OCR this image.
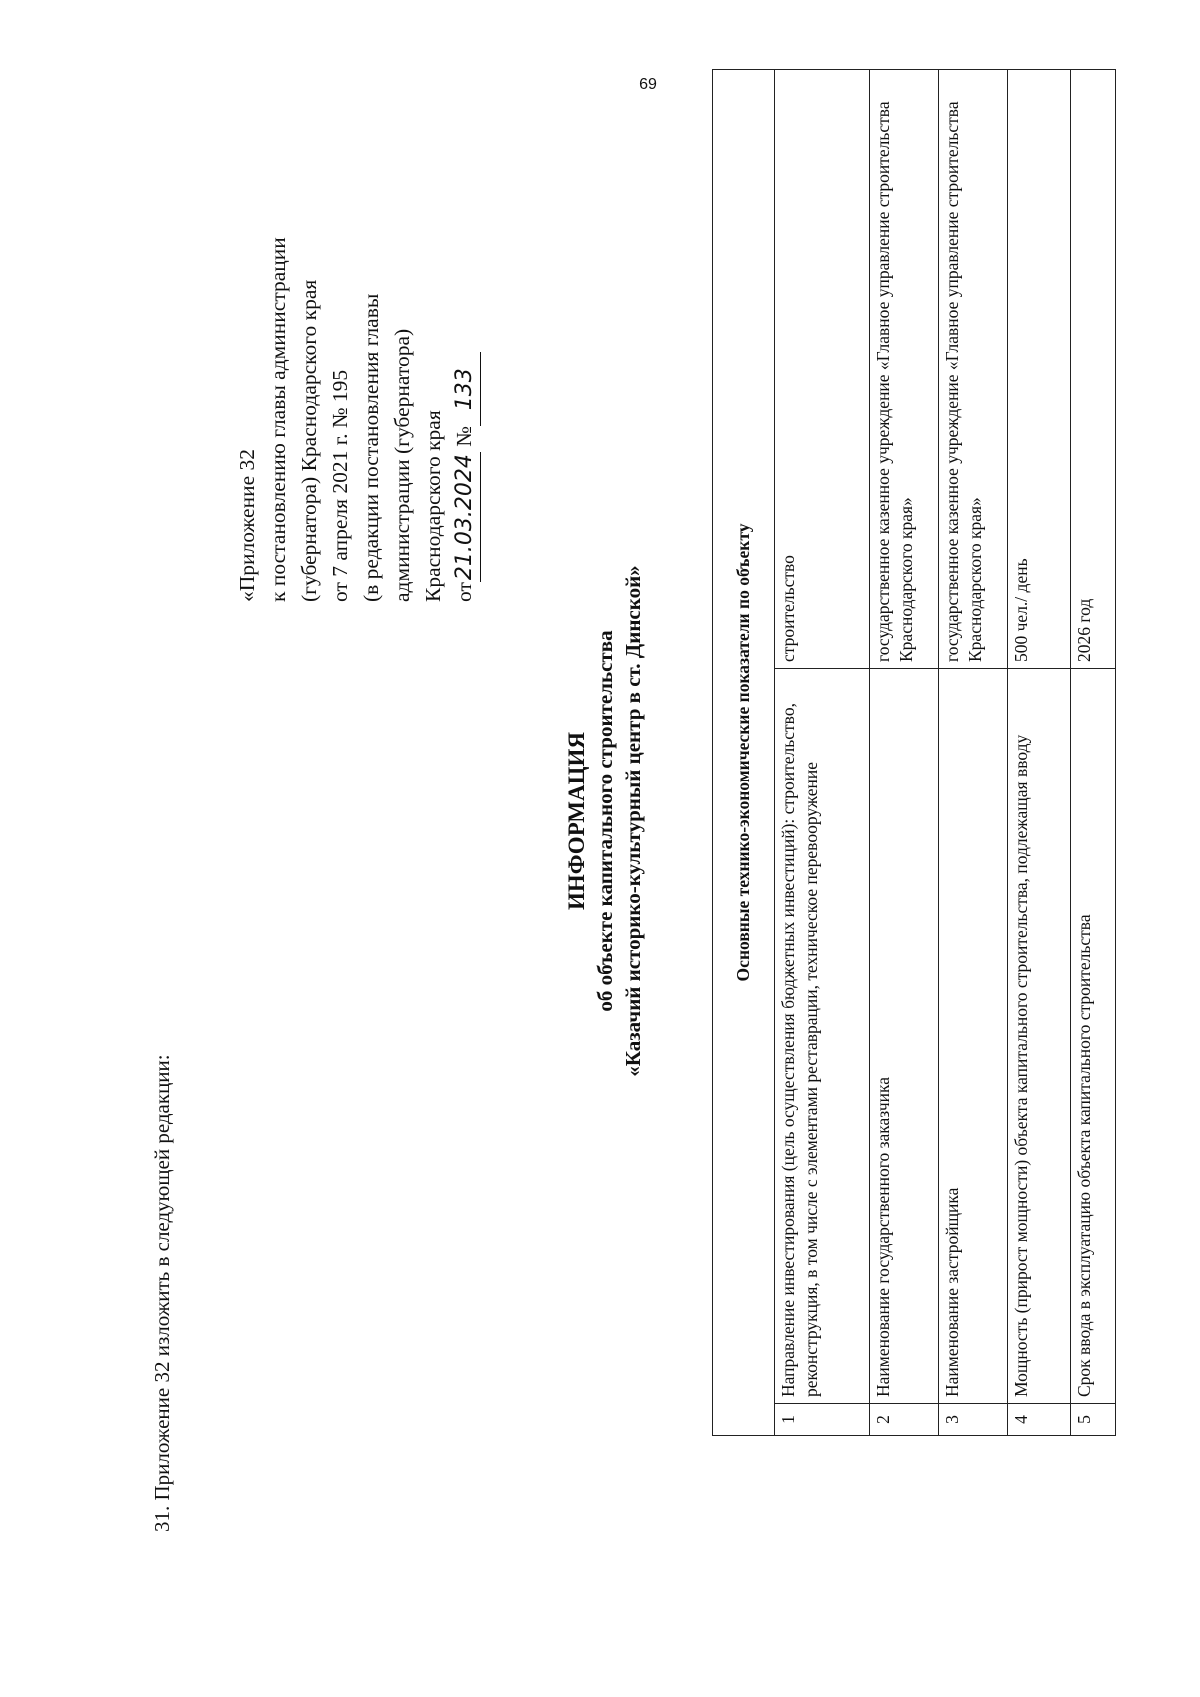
69
31. Приложение 32 изложить в следующей редакции:
«Приложение 32 к постановлению главы администрации (губернатора) Краснодарского края от 7 апреля 2021 г. № 195 (в редакции постановления главы администрации (губернатора) Краснодарского края от21.03.2024 №133
ИНФОРМАЦИЯ об объекте капитального строительства «Казачий историко-культурный центр в ст. Динской»	Основные технико-экономические показатели по объекту		
1	Направление инвестирования (цель осуществления бюджетных инвестиций): строительство, реконструкция, в том числе с элементами реставрации, техническое перевооружение	строительство
2	Наименование государственного заказчика	государственное казенное учреждение «Главное управление строительства Краснодарского края»
3	Наименование застройщика	государственное казенное учреждение «Главное управление строительства Краснодарского края»
4	Мощность (прирост мощности) объекта капитального строительства, подлежащая вводу	500 чел./ день
5	Срок ввода в эксплуатацию объекта капитального строительства	2026 год
